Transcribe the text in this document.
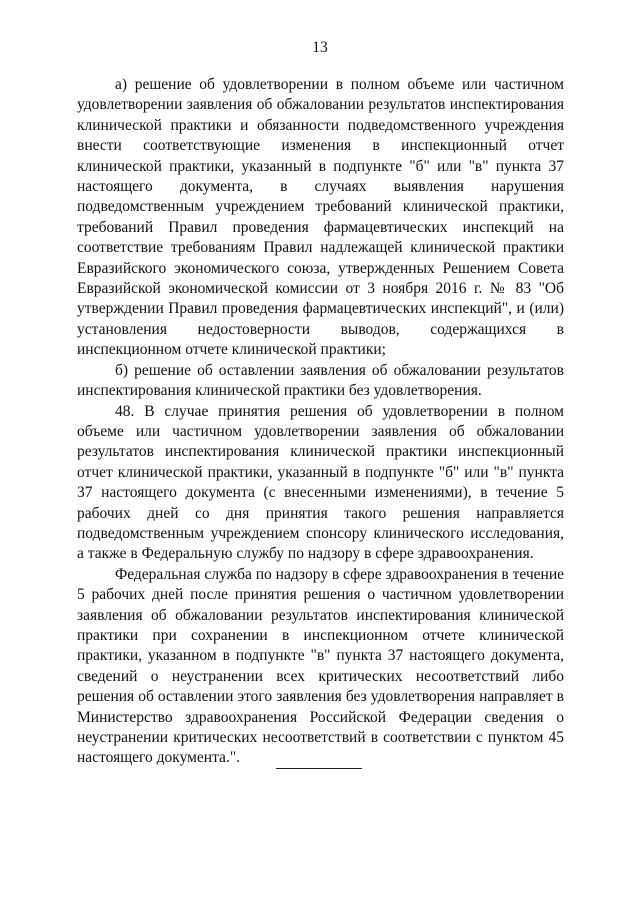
13

а) решение об удовлетворении в полном объеме или частичном удовлетворении заявления об обжаловании результатов инспектирования клинической практики и обязанности подведомственного учреждения внести соответствующие изменения в инспекционный отчет клинической практики, указанный в подпункте "б" или "в" пункта 37 настоящего документа, в случаях выявления нарушения подведомственным учреждением требований клинической практики, требований Правил проведения фармацевтических инспекций на соответствие требованиям Правил надлежащей клинической практики Евразийского экономического союза, утвержденных Решением Совета Евразийской экономической комиссии от 3 ноября 2016 г. № 83 "Об утверждении Правил проведения фармацевтических инспекций", и (или) установления недостоверности выводов, содержащихся в инспекционном отчете клинической практики;

б) решение об оставлении заявления об обжаловании результатов инспектирования клинической практики без удовлетворения.

48. В случае принятия решения об удовлетворении в полном объеме или частичном удовлетворении заявления об обжаловании результатов инспектирования клинической практики инспекционный отчет клинической практики, указанный в подпункте "б" или "в" пункта 37 настоящего документа (с внесенными изменениями), в течение 5 рабочих дней со дня принятия такого решения направляется подведомственным учреждением спонсору клинического исследования, а также в Федеральную службу по надзору в сфере здравоохранения.

Федеральная служба по надзору в сфере здравоохранения в течение 5 рабочих дней после принятия решения о частичном удовлетворении заявления об обжаловании результатов инспектирования клинической практики при сохранении в инспекционном отчете клинической практики, указанном в подпункте "в" пункта 37 настоящего документа, сведений о неустранении всех критических несоответствий либо решения об оставлении этого заявления без удовлетворения направляет в Министерство здравоохранения Российской Федерации сведения о неустранении критических несоответствий в соответствии с пунктом 45 настоящего документа.".
